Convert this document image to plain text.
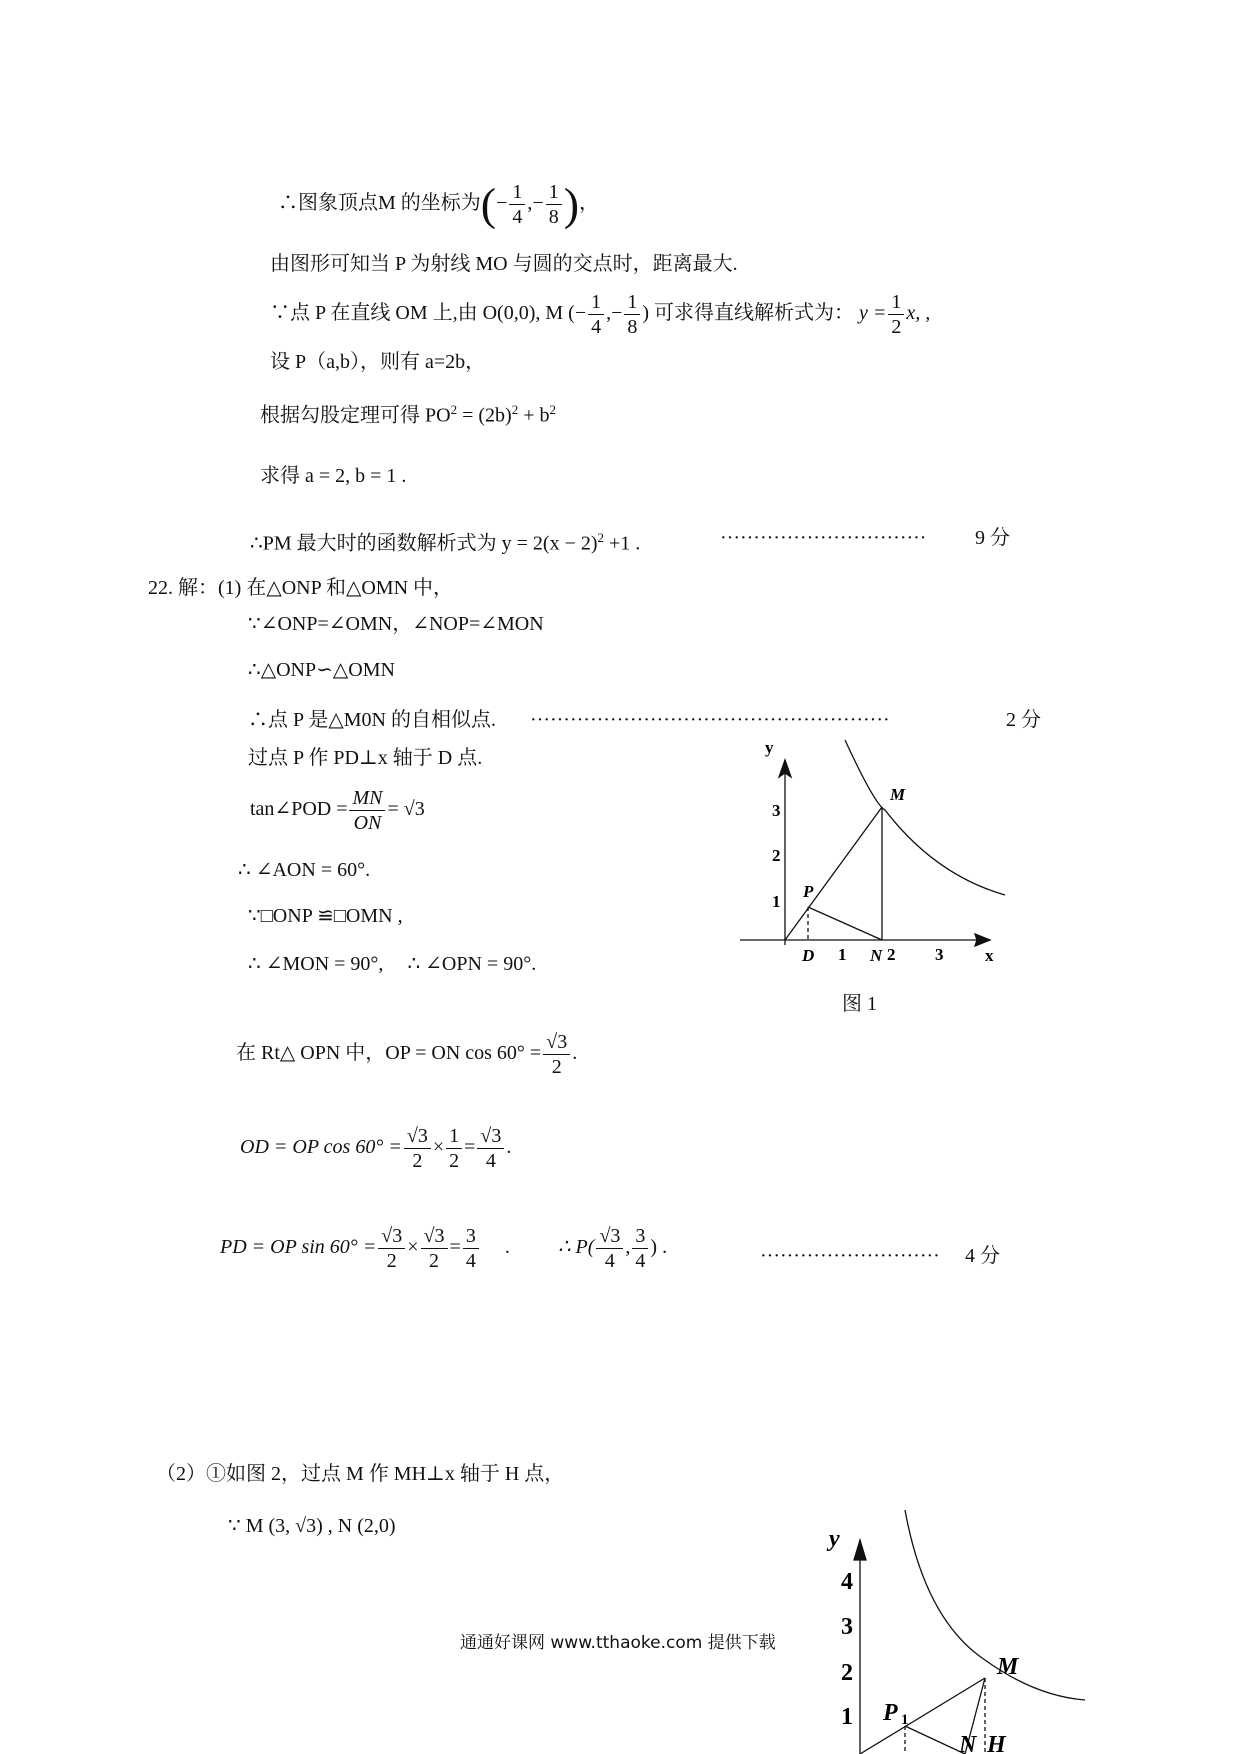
∴图象顶点M 的坐标为(− $\frac{1}{4}$ ,− $\frac{1}{8}$ )，
由图形可知当 P 为射线 MO 与圆的交点时，距离最大.
∵点 P 在直线 OM 上,由 O(0,0), M (− $\frac{1}{4}$ ,− $\frac{1}{8}$ ) 可求得直线解析式为： $y = \frac{1}{2} x$, ,
设 P（a,b），则有 a=2b，
根据勾股定理可得 $PO^2 = (2b)^2 + b^2$
求得 a = 2, b = 1 .
∴PM 最大时的函数解析式为 $y = 2(x - 2)^2 +1$ .	······························· 9 分
22. 解：(1) 在△ONP 和△OMN 中，
∵∠ONP=∠OMN，∠NOP=∠MON
∴△ONP∽△OMN
∴点 P 是△M0N 的自相似点. ······················································	2 分
过点 P 作 PD⊥x 轴于 D 点.
tan∠POD = $\frac{MN}{ON} = √3$
∴ ∠AON = 60°.
∵□ONP ≌□OMN ,
∴ ∠MON = 90°, ∴ ∠OPN = 90°.
在 Rt△ OPN 中，OP = ON $\cos 60^\circ = \frac{√3}{2}$ .
OD = OP $\cos 60^\circ = \frac{√3}{2} \times \frac{1}{2} = \frac{√3}{4}$ .
PD = OP $\sin 60^\circ = \frac{√3}{2} \times \frac{√3}{2} = \frac{3}{4}$ . ∴ $P( \frac{√3}{4}$ , $\frac{3}{4}$ ) .	··························· 4 分
（2）①如图 2，过点 M 作 MH⊥x 轴于 H 点，
∵ M (3, √3) , N (2,0)
y
x
1
2
3
1 2 3
M
P
D	N
图 1
y
4
3
2
1
M
P 1
N H
通通好课网 www.tthaoke.com 提供下载
